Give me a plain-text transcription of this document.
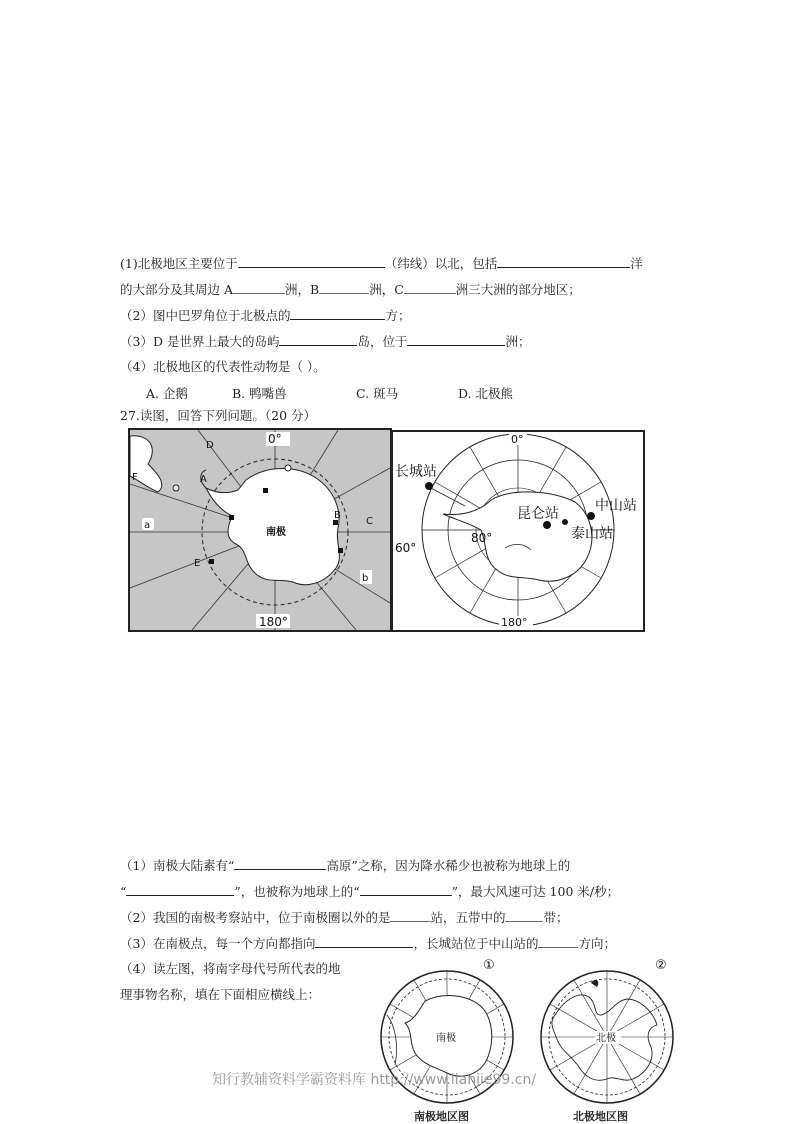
(1)北极地区主要位于	（纬线）以北，包括	洋
的大部分及其周边 A	洲，B	洲，C	洲三大洲的部分地区；
（2）图中巴罗角位于北极点的	方；
（3）D 是世界上最大的岛屿	岛，位于	洲；
（4）北极地区的代表性动物是（ ）。
A. 企鹅	B. 鸭嘴兽	C. 斑马	D. 北极熊
27.读图，回答下列问题。（20 分）
0°
180°
南极
D
F	A
a
B
C
E
b
0°
180°
60°
80°
长城站
昆仑站	中山站
泰山站
（1）南极大陆素有“	高原”之称，因为降水稀少也被称为地球上的
“	”，也被称为地球上的“	”，最大风速可达 100 米/秒；
（2）我国的南极考察站中，位于南极圈以外的是	站，五带中的	带；
（3）在南极点，每一个方向都指向	，长城站位于中山站的	方向；
（4）读左图，将南字母代号所代表的地
理事物名称，填在下面相应横线上：
南极
①
南极地区图
北极
②
北极地区图
知行教辅资料学霸资料库 http://www.lianjie99.cn/
